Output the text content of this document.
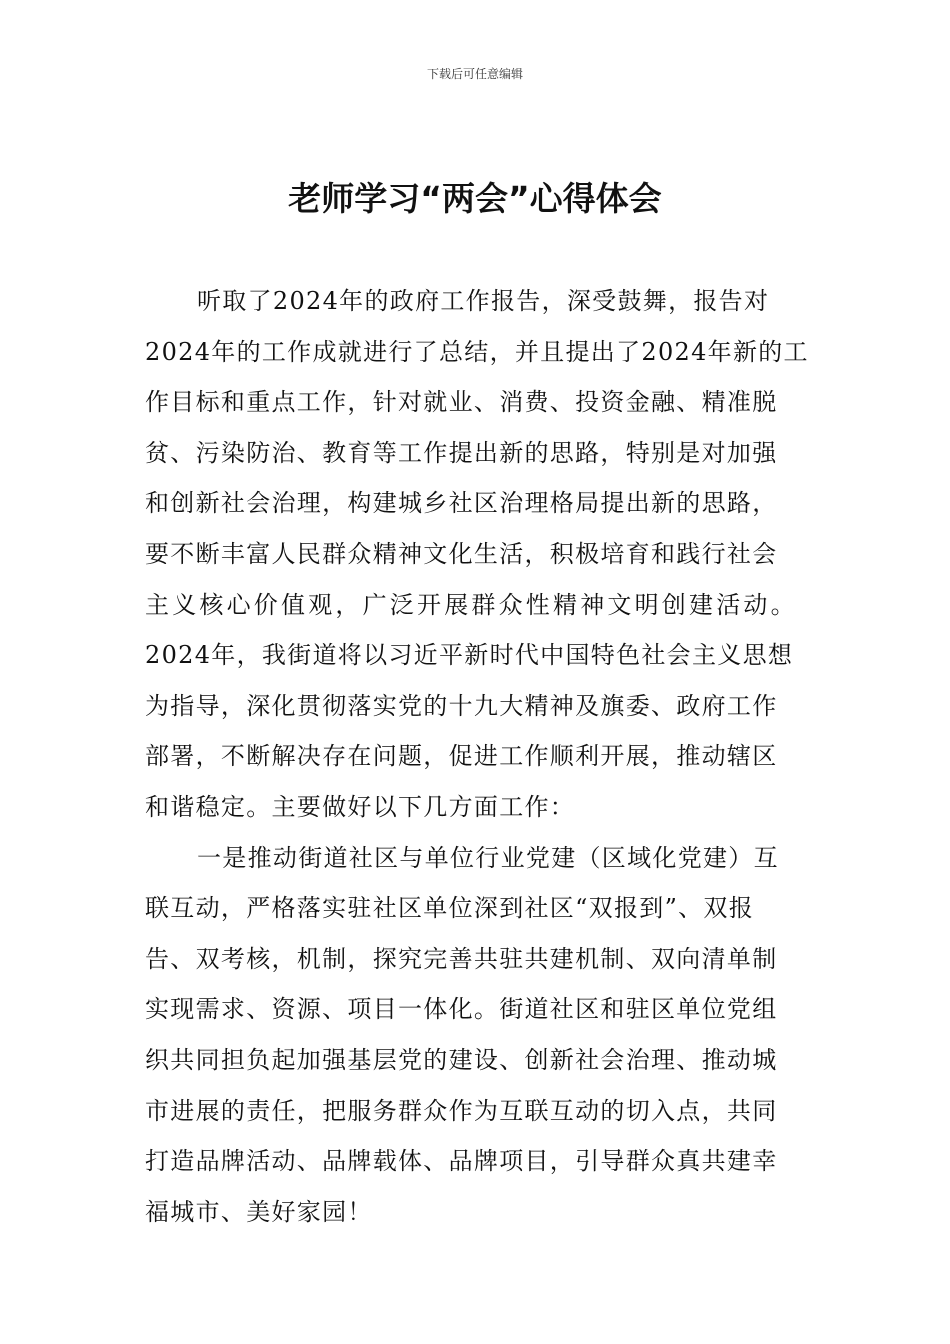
下载后可任意编辑
老师学习“两会”心得体会
听取了2024年的政府工作报告，深受鼓舞，报告对
2024年的工作成就进行了总结，并且提出了2024年新的工
作目标和重点工作，针对就业、消费、投资金融、精准脱
贫、污染防治、教育等工作提出新的思路，特别是对加强
和创新社会治理，构建城乡社区治理格局提出新的思路，
要不断丰富人民群众精神文化生活，积极培育和践行社会
主义核心价值观，广泛开展群众性精神文明创建活动。
2024年，我街道将以习近平新时代中国特色社会主义思想
为指导，深化贯彻落实党的十九大精神及旗委、政府工作
部署，不断解决存在问题，促进工作顺利开展，推动辖区
和谐稳定。主要做好以下几方面工作：
一是推动街道社区与单位行业党建（区域化党建）互
联互动，严格落实驻社区单位深到社区“双报到”、双报
告、双考核，机制，探究完善共驻共建机制、双向清单制
实现需求、资源、项目一体化。街道社区和驻区单位党组
织共同担负起加强基层党的建设、创新社会治理、推动城
市进展的责任，把服务群众作为互联互动的切入点，共同
打造品牌活动、品牌载体、品牌项目，引导群众真共建幸
福城市、美好家园！
